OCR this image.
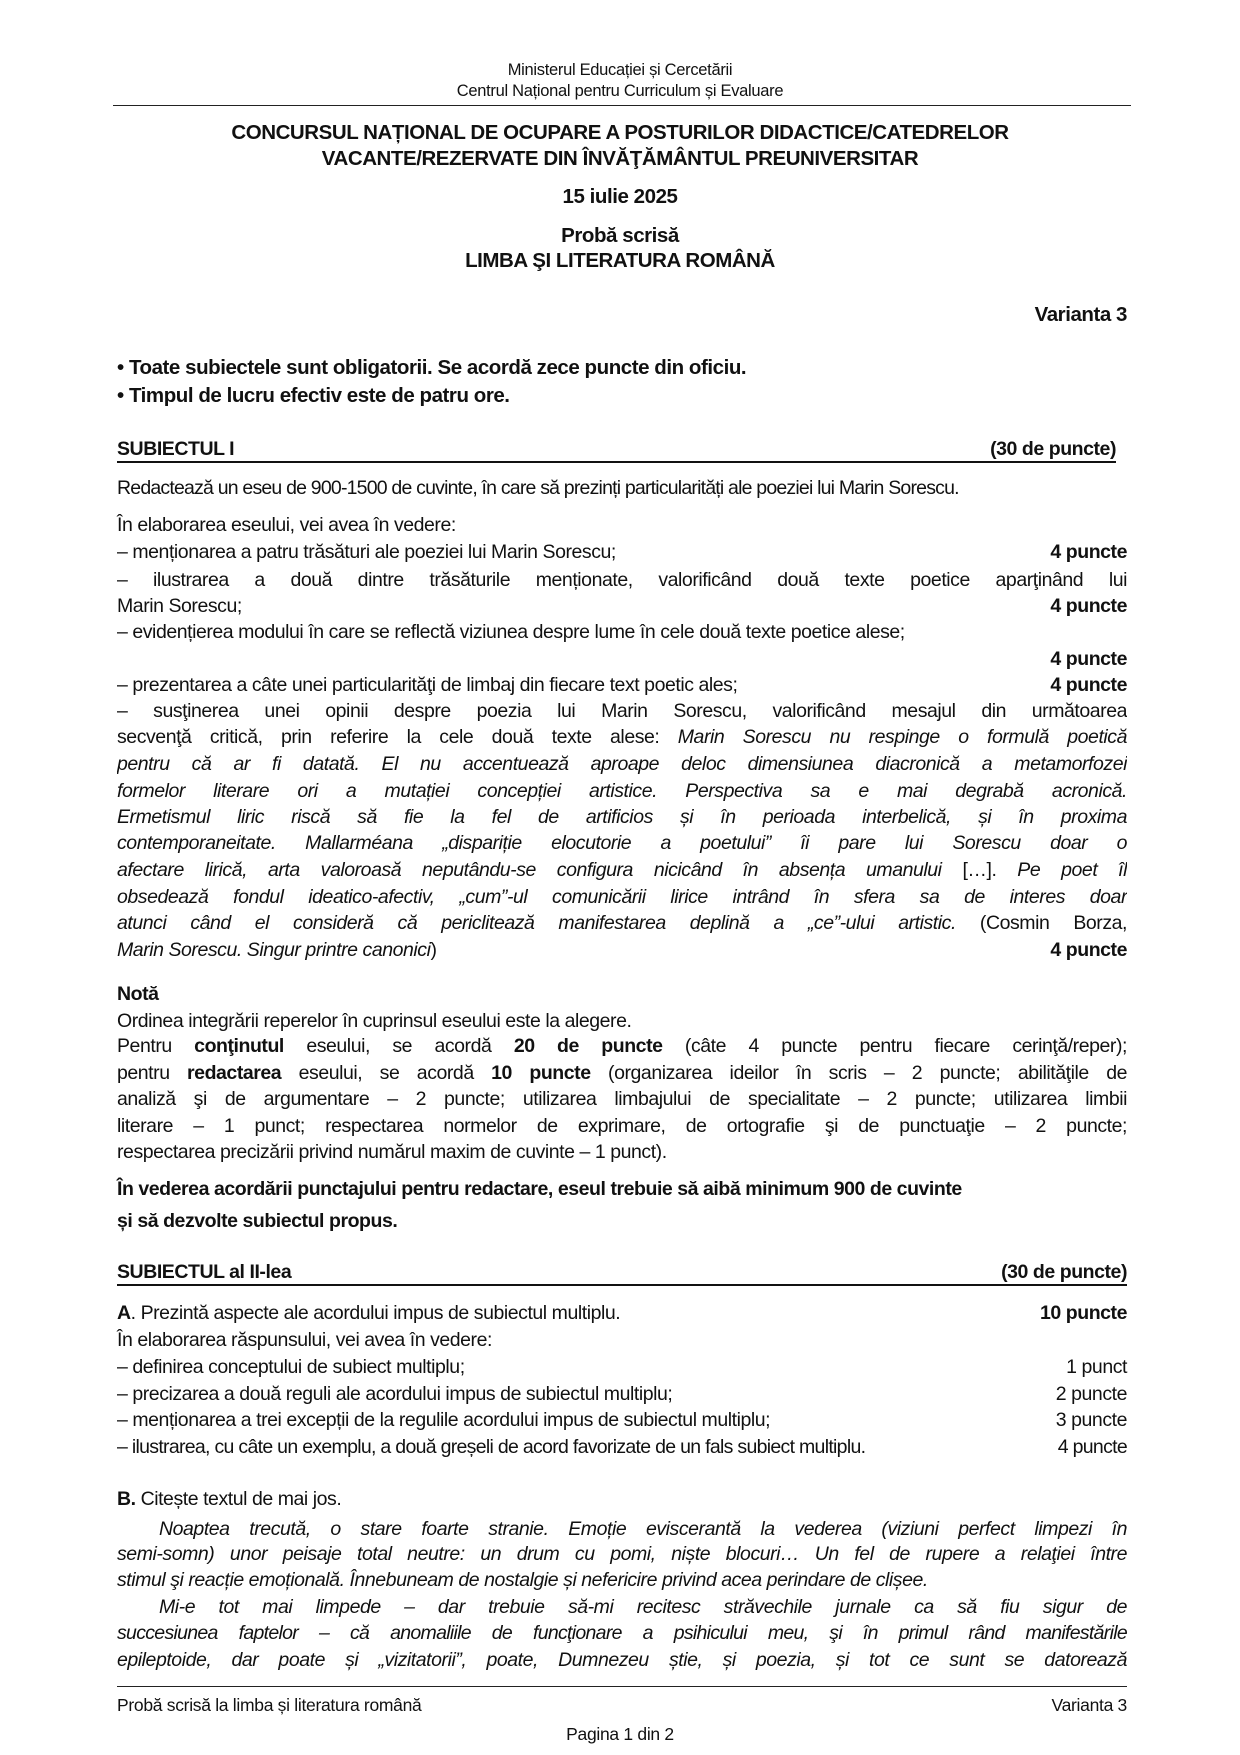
Ministerul Educației și Cercetării
Centrul Național pentru Curriculum și Evaluare
CONCURSUL NAȚIONAL DE OCUPARE A POSTURILOR DIDACTICE/CATEDRELOR
VACANTE/REZERVATE DIN ÎNVĂŢĂMÂNTUL PREUNIVERSITAR
15 iulie 2025
Probă scrisă
LIMBA ŞI LITERATURA ROMÂNĂ
Varianta 3
• Toate subiectele sunt obligatorii. Se acordă zece puncte din oficiu.
• Timpul de lucru efectiv este de patru ore.
SUBIECTUL I	(30 de puncte)
Redactează un eseu de 900-1500 de cuvinte, în care să prezinți particularități ale poeziei lui Marin Sorescu.
În elaborarea eseului, vei avea în vedere:
– menționarea a patru trăsături ale poeziei lui Marin Sorescu;	4 puncte
– ilustrarea a două dintre trăsăturile menționate, valorificând două texte poetice aparţinând lui
Marin Sorescu;	4 puncte
– evidențierea modului în care se reflectă viziunea despre lume în cele două texte poetice alese;
4 puncte
– prezentarea a câte unei particularităţi de limbaj din fiecare text poetic ales;	4 puncte
– susţinerea unei opinii despre poezia lui Marin Sorescu, valorificând mesajul din următoarea
secvenţă critică, prin referire la cele două texte alese: Marin Sorescu nu respinge o formulă poetică
pentru că ar fi datată. El nu accentuează aproape deloc dimensiunea diacronică a metamorfozei
formelor literare ori a mutației concepției artistice. Perspectiva sa e mai degrabă acronică.
Ermetismul liric riscă să fie la fel de artificios și în perioada interbelică, și în proxima
contemporaneitate. Mallarméana „dispariție elocutorie a poetului” îi pare lui Sorescu doar o
afectare lirică, arta valoroasă neputându-se configura nicicând în absența umanului […]. Pe poet îl
obsedează fondul ideatico-afectiv, „cum”-ul comunicării lirice intrând în sfera sa de interes doar
atunci când el consideră că periclitează manifestarea deplină a „ce”-ului artistic. (Cosmin Borza,
Marin Sorescu. Singur printre canonici)	4 puncte
Notă
Ordinea integrării reperelor în cuprinsul eseului este la alegere.
Pentru conţinutul eseului, se acordă 20 de puncte (câte 4 puncte pentru fiecare cerinţă/reper);
pentru redactarea eseului, se acordă 10 puncte (organizarea ideilor în scris – 2 puncte; abilităţile de
analiză şi de argumentare – 2 puncte; utilizarea limbajului de specialitate – 2 puncte; utilizarea limbii
literare – 1 punct; respectarea normelor de exprimare, de ortografie şi de punctuaţie – 2 puncte;
respectarea precizării privind numărul maxim de cuvinte – 1 punct).
În vederea acordării punctajului pentru redactare, eseul trebuie să aibă minimum 900 de cuvinte
și să dezvolte subiectul propus.
SUBIECTUL al II-lea	(30 de puncte)
A. Prezintă aspecte ale acordului impus de subiectul multiplu.	10 puncte
În elaborarea răspunsului, vei avea în vedere:
– definirea conceptului de subiect multiplu;	1 punct
– precizarea a două reguli ale acordului impus de subiectul multiplu;	2 puncte
– menționarea a trei excepții de la regulile acordului impus de subiectul multiplu;	3 puncte
– ilustrarea, cu câte un exemplu, a două greșeli de acord favorizate de un fals subiect multiplu.	4 puncte
B. Citește textul de mai jos.
Noaptea trecută, o stare foarte stranie. Emoție eviscerantă la vederea (viziuni perfect limpezi în
semi-somn) unor peisaje total neutre: un drum cu pomi, niște blocuri… Un fel de rupere a relaţiei între
stimul şi reacție emoțională. Înnebuneam de nostalgie și nefericire privind acea perindare de clișee.
Mi-e tot mai limpede – dar trebuie să-mi recitesc străvechile jurnale ca să fiu sigur de
succesiunea faptelor – că anomaliile de funcţionare a psihicului meu, şi în primul rând manifestările
epileptoide, dar poate și „vizitatorii”, poate, Dumnezeu știe, și poezia, și tot ce sunt se datorează
Probă scrisă la limba și literatura română	Varianta 3
Pagina 1 din 2
